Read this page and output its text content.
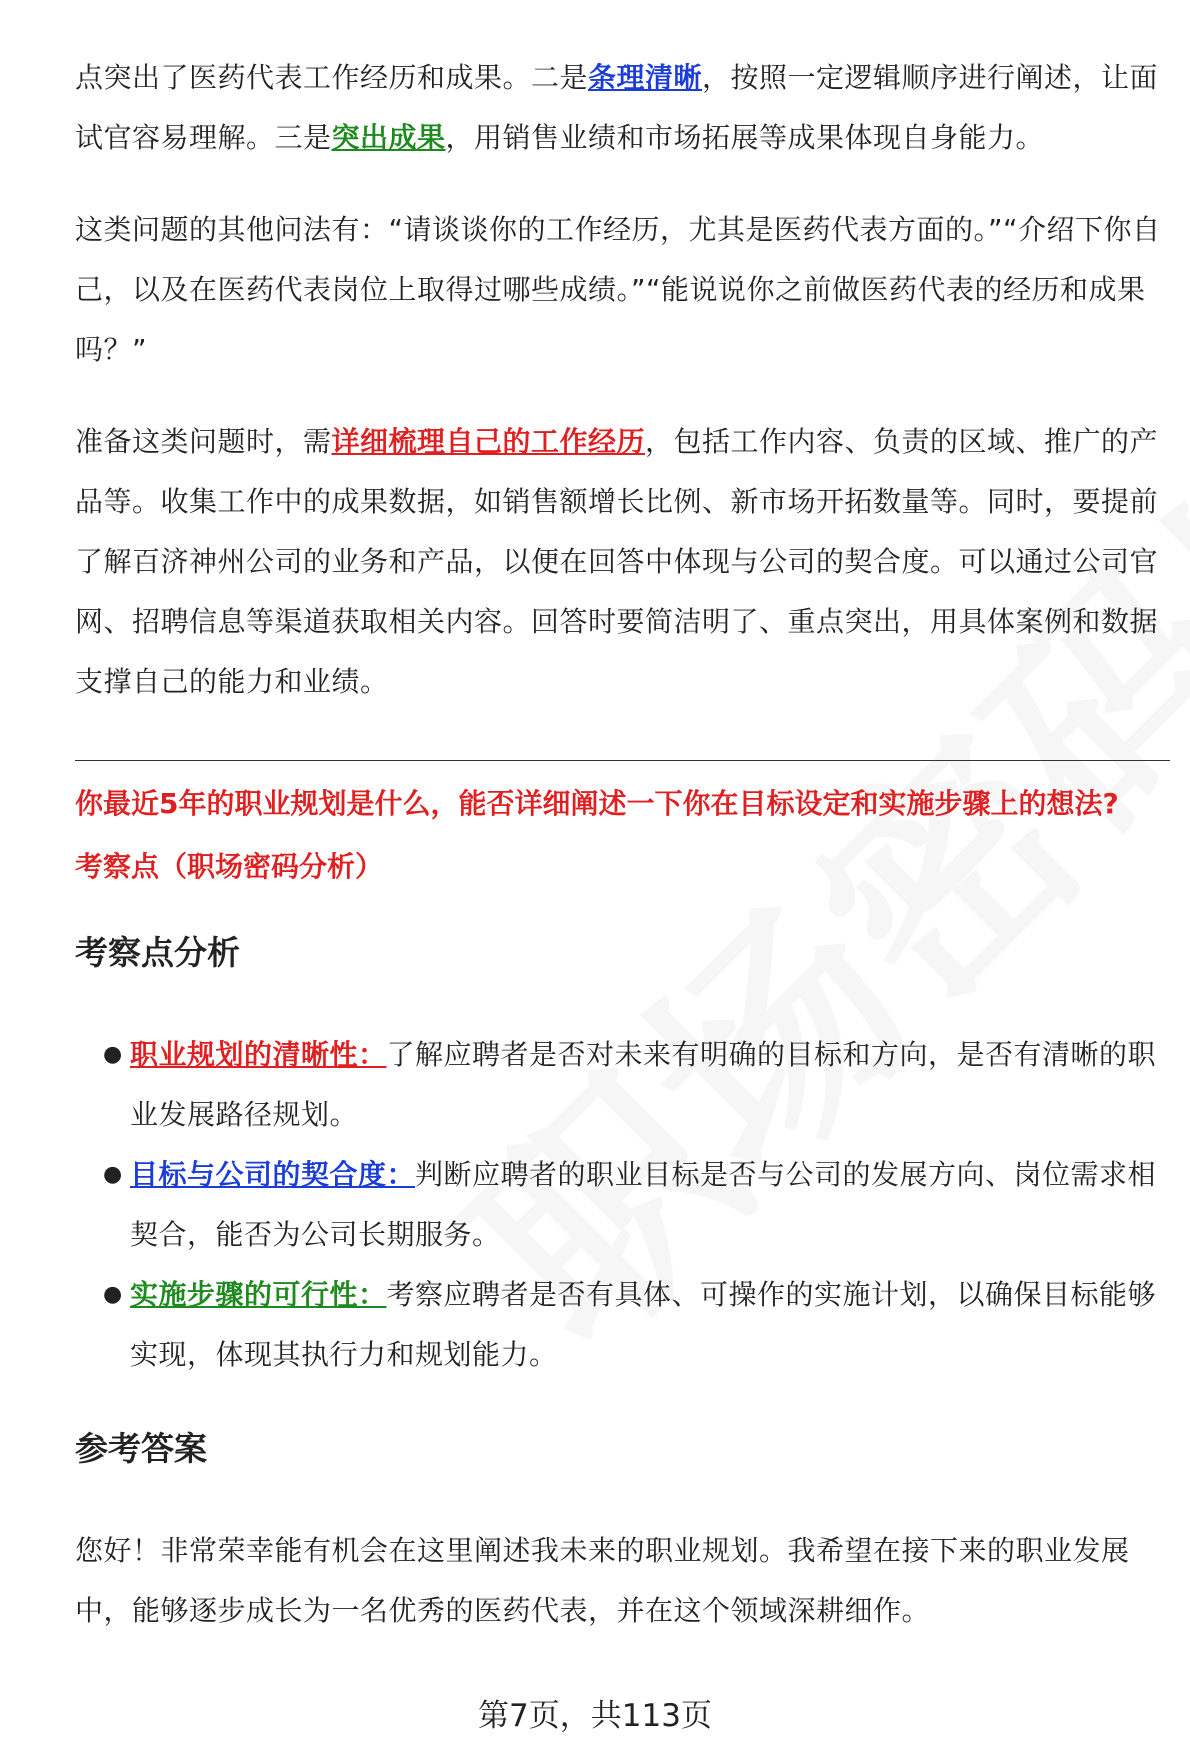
点突出了医药代表工作经历和成果。二是条理清晰，按照一定逻辑顺序进行阐述，让面试官容易理解。三是突出成果，用销售业绩和市场拓展等成果体现自身能力。

这类问题的其他问法有：“请谈谈你的工作经历，尤其是医药代表方面的。”“介绍下你自己，以及在医药代表岗位上取得过哪些成绩。”“能说说你之前做医药代表的经历和成果吗？”

准备这类问题时，需详细梳理自己的工作经历，包括工作内容、负责的区域、推广的产品等。收集工作中的成果数据，如销售额增长比例、新市场开拓数量等。同时，要提前了解百济神州公司的业务和产品，以便在回答中体现与公司的契合度。可以通过公司官网、招聘信息等渠道获取相关内容。回答时要简洁明了、重点突出，用具体案例和数据支撑自己的能力和业绩。

你最近5年的职业规划是什么，能否详细阐述一下你在目标设定和实施步骤上的想法?
考察点（职场密码分析）
考察点分析
● 职业规划的清晰性：了解应聘者是否对未来有明确的目标和方向，是否有清晰的职业发展路径规划。
● 目标与公司的契合度：判断应聘者的职业目标是否与公司的发展方向、岗位需求相契合，能否为公司长期服务。
● 实施步骤的可行性：考察应聘者是否有具体、可操作的实施计划，以确保目标能够实现，体现其执行力和规划能力。
参考答案

您好！非常荣幸能有机会在这里阐述我未来的职业规划。我希望在接下来的职业发展中，能够逐步成长为一名优秀的医药代表，并在这个领域深耕细作。

第7页，共113页
